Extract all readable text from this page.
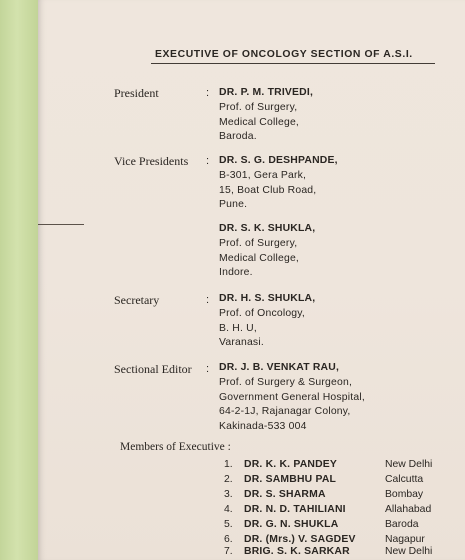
EXECUTIVE OF ONCOLOGY SECTION OF A.S.I.
President	: DR. P. M. TRIVEDI,
Prof. of Surgery,
Medical College,
Baroda.
Vice Presidents : DR. S. G. DESHPANDE,
B-301, Gera Park,
15, Boat Club Road,
Pune.
DR. S. K. SHUKLA,
Prof. of Surgery,
Medical College,
Indore.
Secretary	: DR. H. S. SHUKLA,
Prof. of Oncology,
B. H. U,
Varanasi.
Sectional Editor : DR. J. B. VENKAT RAU,
Prof. of Surgery & Surgeon,
Government General Hospital,
64-2-1J, Rajanagar Colony,
Kakinada-533 004
Members of Executive :
1.	DR. K. K. PANDEY	New Delhi
2.	DR. SAMBHU PAL	Calcutta
3.	DR. S. SHARMA	Bombay
4.	DR. N. D. TAHILIANI	Allahabad
5.	DR. G. N. SHUKLA	Baroda
6.	DR. (Mrs.) V. SAGDEV	Nagapur
7.	BRIG. S. K. SARKAR	New Delhi
